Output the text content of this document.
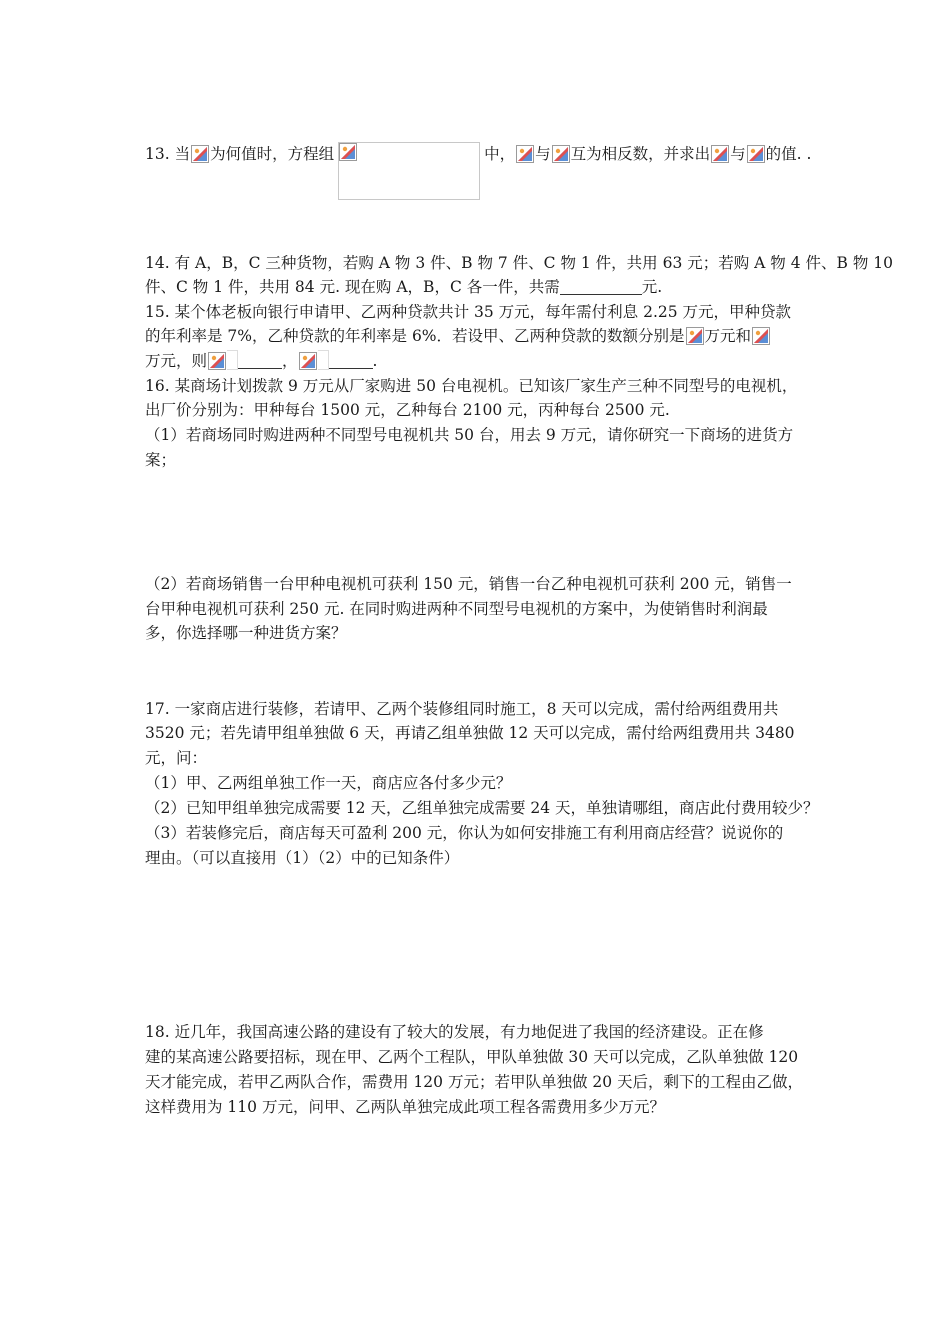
13. 当 为何值时，方程组	中， 与 互为相反数，并求出 与 的值. .
14. 有 A，B，C 三种货物，若购 A 物 3 件、B 物 7 件、C 物 1 件，共用 63 元；若购 A 物 4 件、B 物 10
件、C 物 1 件，共用 84 元. 现在购 A，B，C 各一件，共需	元.
15. 某个体老板向银行申请甲、乙两种贷款共计 35 万元，每年需付利息 2.25 万元，甲种贷款
的年利率是 7%，乙种贷款的年利率是 6%．若设甲、乙两种贷款的数额分别是 万元和
万元，则	，	.
16. 某商场计划拨款 9 万元从厂家购进 50 台电视机。已知该厂家生产三种不同型号的电视机，
出厂价分别为：甲种每台 1500 元，乙种每台 2100 元，丙种每台 2500 元.
（1）若商场同时购进两种不同型号电视机共 50 台，用去 9 万元，请你研究一下商场的进货方
案；
（2）若商场销售一台甲种电视机可获利 150 元，销售一台乙种电视机可获利 200 元，销售一
台甲种电视机可获利 250 元. 在同时购进两种不同型号电视机的方案中，为使销售时利润最
多，你选择哪一种进货方案？
17. 一家商店进行装修，若请甲、乙两个装修组同时施工，8 天可以完成，需付给两组费用共
3520 元；若先请甲组单独做 6 天，再请乙组单独做 12 天可以完成，需付给两组费用共 3480
元，问：
（1）甲、乙两组单独工作一天，商店应各付多少元？
（2）已知甲组单独完成需要 12 天，乙组单独完成需要 24 天，单独请哪组，商店此付费用较少？
（3）若装修完后，商店每天可盈利 200 元，你认为如何安排施工有利用商店经营？说说你的
理由。（可以直接用（1）（2）中的已知条件）
18. 近几年，我国高速公路的建设有了较大的发展，有力地促进了我国的经济建设。正在修
建的某高速公路要招标，现在甲、乙两个工程队，甲队单独做 30 天可以完成，乙队单独做 120
天才能完成，若甲乙两队合作，需费用 120 万元；若甲队单独做 20 天后，剩下的工程由乙做，
这样费用为 110 万元，问甲、乙两队单独完成此项工程各需费用多少万元？
